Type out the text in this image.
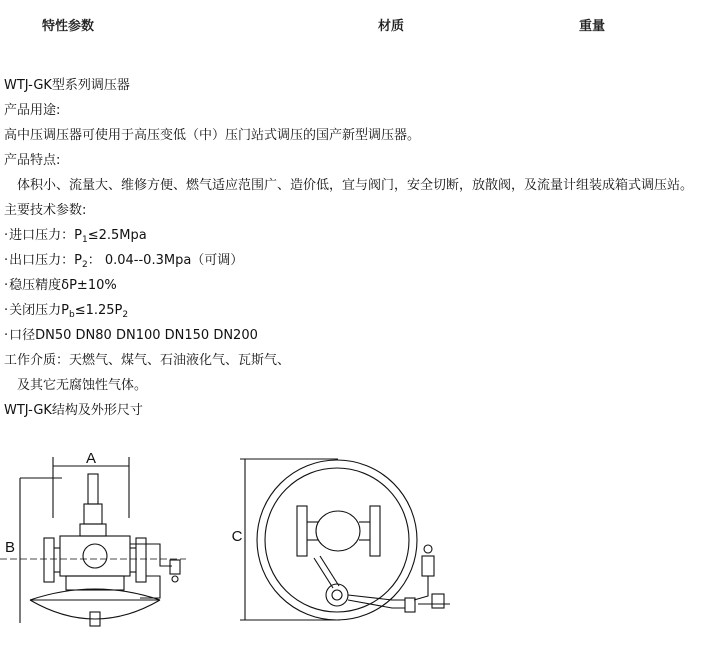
特性参数	材质	重量

WTJ-GK型系列调压器

产品用途:

高中压调压器可使用于高压变低（中）压门站式调压的国产新型调压器。

产品特点:

体积小、流量大、维修方便、燃气适应范围广、造价低，宜与阀门，安全切断，放散阀，及流量计组装成箱式调压站。

主要技术参数:

·进口压力：$P_1\le 2.5Mpa$

·出口压力：$P_2$： 0.04--0.3Mpa（可调）

·稳压精度δP±10%

·关闭压力$P_b\le 1.25P_2$

·口径DN50 DN80 DN100 DN150 DN200

工作介质：天燃气、煤气、石油液化气、瓦斯气、

及其它无腐蚀性气体。

WTJ-GK结构及外形尺寸

A
B
C
